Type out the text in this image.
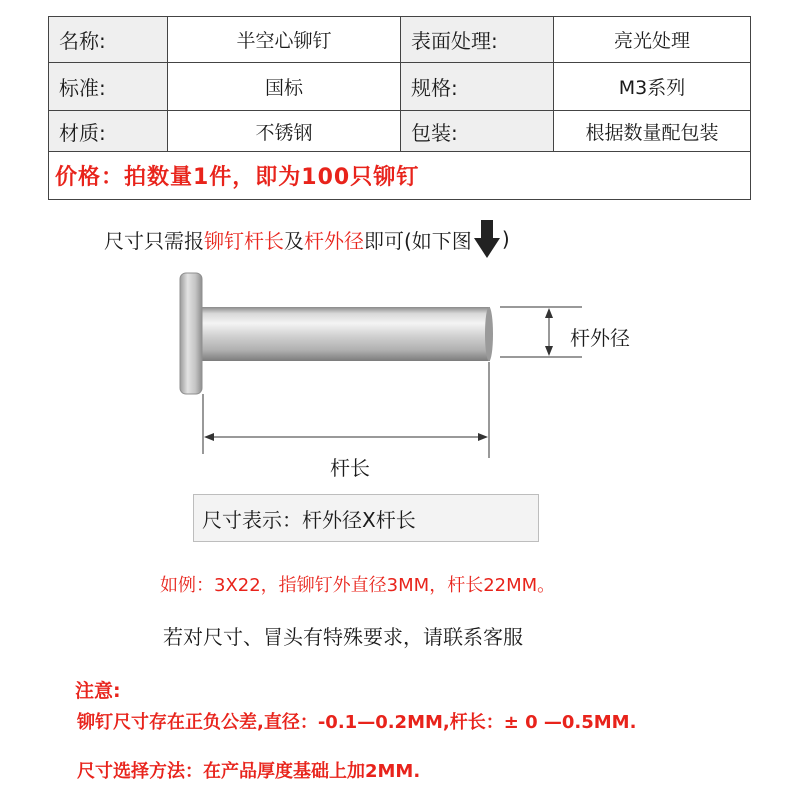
名称:	半空心铆钉	表面处理:	亮光处理
标准:	国标	规格:	M3系列
材质:	不锈钢	包装:	根据数量配包装
价格：拍数量1件，即为100只铆钉
尺寸只需报 铆钉杆长 及 杆外径 即可(如下图 )
杆外径
杆长
尺寸表示：杆外径X杆长
如例：3X22，指铆钉外直径3MM，杆长22MM。
若对尺寸、冒头有特殊要求，请联系客服
注意:
铆钉尺寸存在正负公差,直径：-0.1—0.2MM,杆长：± 0 —0.5MM.
尺寸选择方法：在产品厚度基础上加2MM.
